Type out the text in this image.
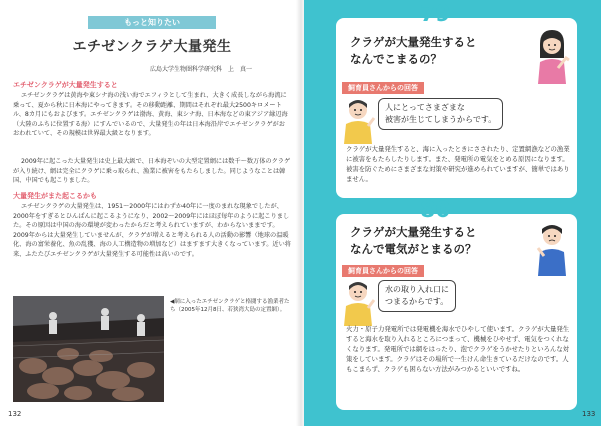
もっと知りたい
エチゼンクラゲ大量発生
広島大学生物圏科学研究科　上　真一
エチゼンクラゲが大量発生すると
エチゼンクラゲは黄海や東シナ海の浅い海でエフィラとして生まれ、大きく成長しながら海流に乗って、夏から秋に日本海にやってきます。その移動距離、期間はそれぞれ最大2500キロメートル、8カ月にもおよびます。エチゼンクラゲは渤海、黄海、東シナ海、日本海などの東アジア縁辺海（大陸のふちに位置する海）にすんでいるので、大量発生の年は日本海沿岸でエチゼンクラゲがおおわれていて、その規模は世界最大級となります。
2009年に起こった大量発生は史上最大級で、日本海ぞいの大型定置網には数千〜数万体のクラゲが入り続け、網は完全にクラゲに乗っ取られ、漁業に被害をもたらしました。同じようなことは韓国、中国でも起こりました。
大量発生がまた起こるかも
エチゼンクラゲの大量発生は、1951〜2000年にはわずか40年に一度のまれな現象でしたが、2000年をすぎるとひんぱんに起こるようになり、2002〜2009年にはほぼ毎年のように起こりました。その原因は中国の海の環境が変わったからだと考えられていますが、わからないままです。2009年からは大量発生していませんが、クラゲが増えると考えられる人の活動の影響（地球の温暖化、海の富栄養化、魚の乱獲、海の人工構造物の増加など）はますます大きくなっています。近い将来、ふたたびエチゼンクラゲが大量発生する可能性は高いのです。
◀網に入ったエチゼンクラゲと格闘する漁業者たち（2005年12月8日、若狭湾大島の定置網）。
132
79
クラゲが大量発生すると
なんでこまるの？
飼育員さんからの回答
人にとってさまざまな
被害が生じてしまうからです。
クラゲが大量発生すると、海に入ったときにさされたり、定置網漁などの漁業に被害をもたらしたりします。また、発電所の電気をとめる原因になります。被害を防ぐためにさまざまな対策や研究が進められていますが、簡単ではありません。
80
クラゲが大量発生すると
なんで電気がとまるの？
飼育員さんからの回答
水の取り入れ口に
つまるからです。
火力・原子力発電所では発電機を海水でひやして使います。クラゲが大量発生すると海水を取り入れるところにつまって、機械をひやせず、電気をつくれなくなります。発電所では網をはったり、泡でクラゲをうかせたりといろんな対策をしています。クラゲはその場所で一生けん命生きているだけなのです。人もこまらず、クラゲも困らない方法がみつかるといいですね。
133
